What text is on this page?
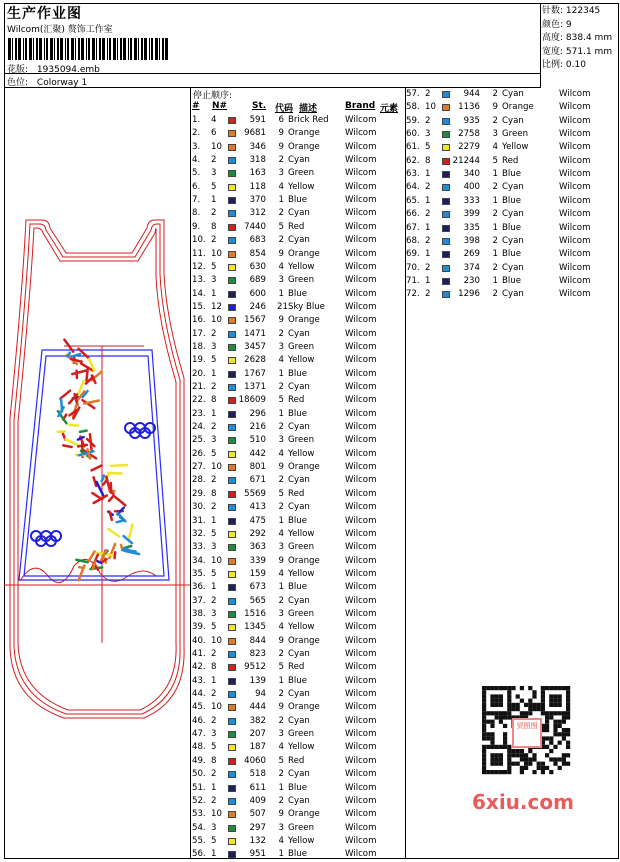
生产作业图
Wilcom(汇聚) 赘饰工作室
花版: 1935094.emb
色位: Colorway 1
针数: 122345
颜色: 9
高度: 838.4 mm
宽度: 571.1 mm
比例: 0.10
停止顺序:
# N#	St. 代码 描述	Brand 元素
1. 4	591 6 Brick Red Wilcom
2. 6	9681 9 Orange	Wilcom
3. 10	346 9 Orange	Wilcom
4. 2	318 2 Cyan	Wilcom
5. 3	163 3 Green	Wilcom
6. 5	118 4 Yellow	Wilcom
7. 1	370 1 Blue	Wilcom
8. 2	312 2 Cyan	Wilcom
9. 8	7440 5 Red	Wilcom
10. 2	683 2 Cyan	Wilcom
11. 10	854 9 Orange	Wilcom
12. 5	630 4 Yellow	Wilcom
13. 3	689 3 Green	Wilcom
14. 1	600 1 Blue	Wilcom
15. 12	246 21 Sky Blue Wilcom
16. 10	1567 9 Orange	Wilcom
17. 2	1471 2 Cyan	Wilcom
18. 3	3457 3 Green	Wilcom
19. 5	2628 4 Yellow	Wilcom
20. 1	1767 1 Blue	Wilcom
21. 2	1371 2 Cyan	Wilcom
22. 8	18609 5 Red	Wilcom
23. 1	296 1 Blue	Wilcom
24. 2	216 2 Cyan	Wilcom
25. 3	510 3 Green	Wilcom
26. 5	442 4 Yellow	Wilcom
27. 10	801 9 Orange	Wilcom
28. 2	671 2 Cyan	Wilcom
29. 8	5569 5 Red	Wilcom
30. 2	413 2 Cyan	Wilcom
31. 1	475 1 Blue	Wilcom
32. 5	292 4 Yellow	Wilcom
33. 3	363 3 Green	Wilcom
34. 10	339 9 Orange	Wilcom
35. 5	159 4 Yellow	Wilcom
36. 1	673 1 Blue	Wilcom
37. 2	565 2 Cyan	Wilcom
38. 3	1516 3 Green	Wilcom
39. 5	1345 4 Yellow	Wilcom
40. 10	844 9 Orange	Wilcom
41. 2	823 2 Cyan	Wilcom
42. 8	9512 5 Red	Wilcom
43. 1	139 1 Blue	Wilcom
44. 2	94 2 Cyan	Wilcom
45. 10	444 9 Orange	Wilcom
46. 2	382 2 Cyan	Wilcom
47. 3	207 3 Green	Wilcom
48. 5	187 4 Yellow	Wilcom
49. 8	4060 5 Red	Wilcom
50. 2	518 2 Cyan	Wilcom
51. 1	611 1 Blue	Wilcom
52. 2	409 2 Cyan	Wilcom
53. 10	507 9 Orange	Wilcom
54. 3	297 3 Green	Wilcom
55. 5	132 4 Yellow	Wilcom
56. 1	951 1 Blue	Wilcom
57. 2	944 2 Cyan	Wilcom
58. 10	1136 9 Orange	Wilcom
59. 2	935 2 Cyan	Wilcom
60. 3	2758 3 Green	Wilcom
61. 5	2279 4 Yellow	Wilcom
62. 8	21244 5 Red	Wilcom
63. 1	340 1 Blue	Wilcom
64. 2	400 2 Cyan	Wilcom
65. 1	333 1 Blue	Wilcom
66. 2	399 2 Cyan	Wilcom
67. 1	335 1 Blue	Wilcom
68. 2	398 2 Cyan	Wilcom
69. 1	269 1 Blue	Wilcom
70. 2	374 2 Cyan	Wilcom
71. 1	230 1 Blue	Wilcom
72. 2	1296 2 Cyan	Wilcom
贸图图
6xiu.com
